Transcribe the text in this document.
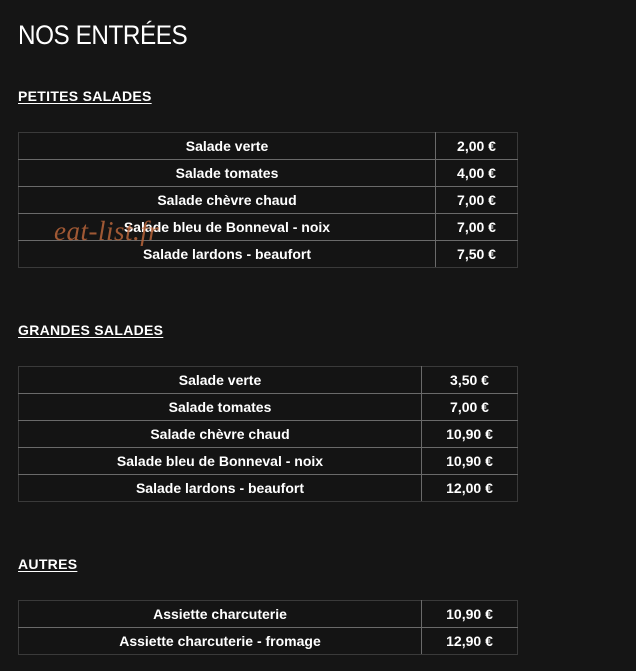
NOS ENTRÉES
PETITES SALADES
Salade verte	2,00 €
Salade tomates	4,00 €
Salade chèvre chaud	7,00 €
Salade bleu de Bonneval - noix	7,00 €
Salade lardons - beaufort	7,50 €
GRANDES SALADES
Salade verte	3,50 €
Salade tomates	7,00 €
Salade chèvre chaud	10,90 €
Salade bleu de Bonneval - noix	10,90 €
Salade lardons - beaufort	12,00 €
AUTRES
Assiette charcuterie	10,90 €
Assiette charcuterie - fromage	12,90 €
eat-list.fr
